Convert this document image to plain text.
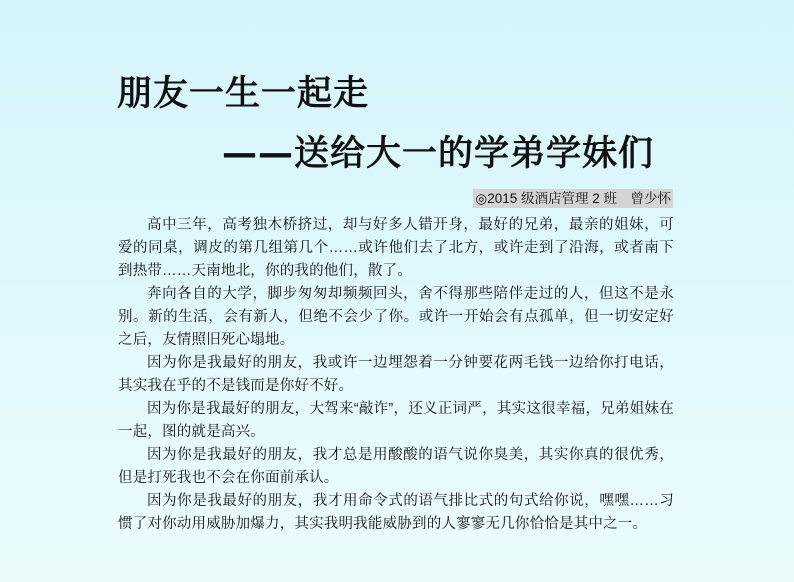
朋友一生一起走
——送给大一的学弟学妹们
◎2015 级酒店管理 2 班　曾少怀

高中三年，高考独木桥挤过，却与好多人错开身，最好的兄弟，最亲的姐妹，可爱的同桌，调皮的第几组第几个……或许他们去了北方，或许走到了沿海，或者南下到热带……天南地北，你的我的他们，散了。

奔向各自的大学，脚步匆匆却频频回头，舍不得那些陪伴走过的人，但这不是永别。新的生活，会有新人，但绝不会少了你。或许一开始会有点孤单，但一切安定好之后，友情照旧死心塌地。

因为你是我最好的朋友，我或许一边埋怨着一分钟要花两毛钱一边给你打电话，其实我在乎的不是钱而是你好不好。

因为你是我最好的朋友，大驾来“敲诈”，还义正词严，其实这很幸福，兄弟姐妹在一起，图的就是高兴。

因为你是我最好的朋友，我才总是用酸酸的语气说你臭美，其实你真的很优秀，但是打死我也不会在你面前承认。

因为你是我最好的朋友，我才用命令式的语气排比式的句式给你说，嘿嘿……习惯了对你动用威胁加爆力，其实我明我能威胁到的人寥寥无几你恰恰是其中之一。
